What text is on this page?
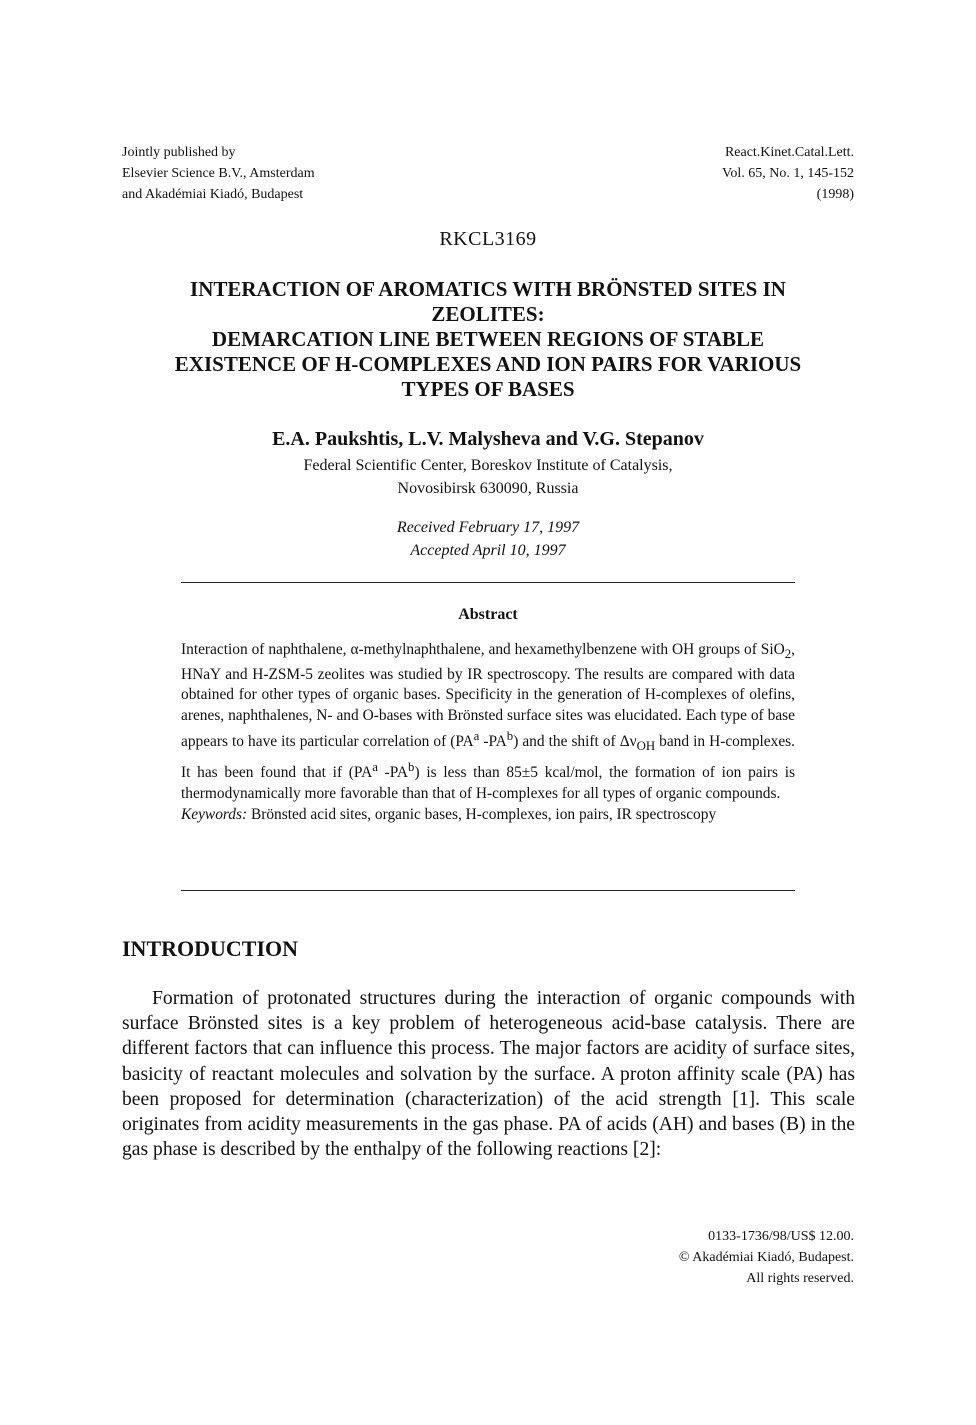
Jointly published by
Elsevier Science B.V., Amsterdam
and Akadémiai Kiadó, Budapest
React.Kinet.Catal.Lett.
Vol. 65, No. 1, 145-152
(1998)
RKCL3169
INTERACTION OF AROMATICS WITH BRÖNSTED SITES IN
ZEOLITES:
DEMARCATION LINE BETWEEN REGIONS OF STABLE
EXISTENCE OF H-COMPLEXES AND ION PAIRS FOR VARIOUS
TYPES OF BASES
E.A. Paukshtis, L.V. Malysheva and V.G. Stepanov
Federal Scientific Center, Boreskov Institute of Catalysis,
Novosibirsk 630090, Russia
Received February 17, 1997
Accepted April 10, 1997
Abstract

Interaction of naphthalene, α-methylnaphthalene, and hexamethylbenzene with OH groups of SiO$_2$, HNaY and H-ZSM-5 zeolites was studied by IR spectroscopy. The results are compared with data obtained for other types of organic bases. Specificity in the generation of H-complexes of olefins, arenes, naphthalenes, N- and O-bases with Brönsted surface sites was elucidated. Each type of base appears to have its particular correlation of ($PA^a$ $-PA^b$) and the shift of $\Delta\nu_{OH}$ band in H-complexes. It has been found that if ($PA^a$ $-PA^b$) is less than 85±5 kcal/mol, the formation of ion pairs is thermodynamically more favorable than that of H-complexes for all types of organic compounds.

Keywords: Brönsted acid sites, organic bases, H-complexes, ion pairs, IR spectroscopy

INTRODUCTION

Formation of protonated structures during the interaction of organic compounds with surface Brönsted sites is a key problem of heterogeneous acid-base catalysis. There are different factors that can influence this process. The major factors are acidity of surface sites, basicity of reactant molecules and solvation by the surface. A proton affinity scale (PA) has been proposed for determination (characterization) of the acid strength [1]. This scale originates from acidity measurements in the gas phase. PA of acids (AH) and bases (B) in the gas phase is described by the enthalpy of the following reactions [2]:

0133-1736/98/US$ 12.00.
© Akadémiai Kiadó, Budapest.
All rights reserved.
